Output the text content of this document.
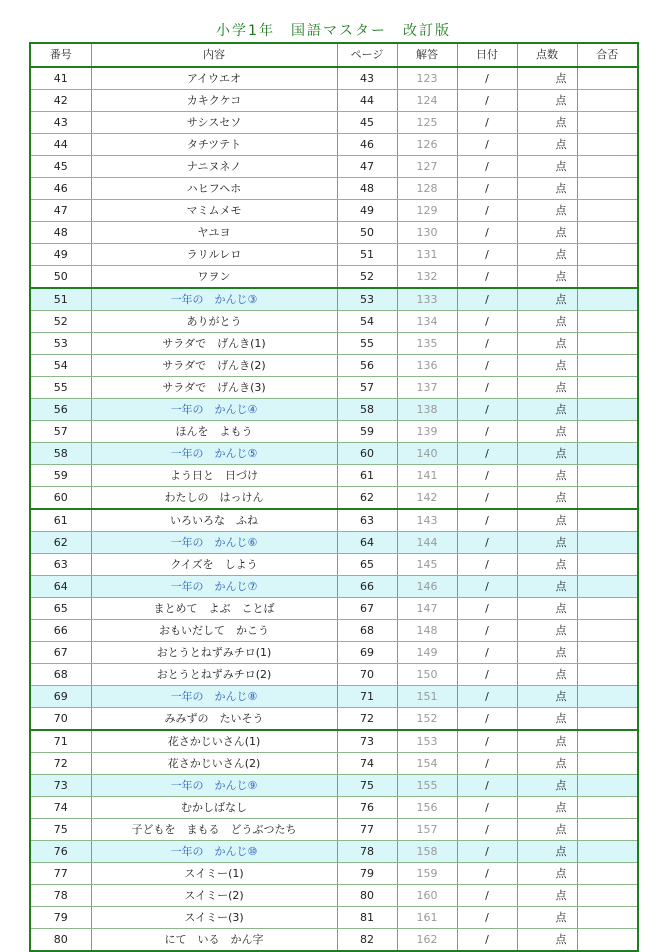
小学1年　国語マスター　改訂版
番号	内容	ページ	解答	日付	点数	合否
41	アイウエオ	43	123	/	点	
42	カキクケコ	44	124	/	点	
43	サシスセソ	45	125	/	点	
44	タチツテト	46	126	/	点	
45	ナニヌネノ	47	127	/	点	
46	ハヒフヘホ	48	128	/	点	
47	マミムメモ	49	129	/	点	
48	ヤユヨ	50	130	/	点	
49	ラリルレロ	51	131	/	点	
50	ワヲン	52	132	/	点	
51	一年の　かんじ③	53	133	/	点	
52	ありがとう	54	134	/	点	
53	サラダで　げんき(1)	55	135	/	点	
54	サラダで　げんき(2)	56	136	/	点	
55	サラダで　げんき(3)	57	137	/	点	
56	一年の　かんじ④	58	138	/	点	
57	ほんを　よもう	59	139	/	点	
58	一年の　かんじ⑤	60	140	/	点	
59	よう日と　日づけ	61	141	/	点	
60	わたしの　はっけん	62	142	/	点	
61	いろいろな　ふね	63	143	/	点	
62	一年の　かんじ⑥	64	144	/	点	
63	クイズを　しよう	65	145	/	点	
64	一年の　かんじ⑦	66	146	/	点	
65	まとめて　よぶ　ことば	67	147	/	点	
66	おもいだして　かこう	68	148	/	点	
67	おとうとねずみチロ(1)	69	149	/	点	
68	おとうとねずみチロ(2)	70	150	/	点	
69	一年の　かんじ⑧	71	151	/	点	
70	みみずの　たいそう	72	152	/	点	
71	花さかじいさん(1)	73	153	/	点	
72	花さかじいさん(2)	74	154	/	点	
73	一年の　かんじ⑨	75	155	/	点	
74	むかしばなし	76	156	/	点	
75	子どもを　まもる　どうぶつたち	77	157	/	点	
76	一年の　かんじ⑩	78	158	/	点	
77	スイミー(1)	79	159	/	点	
78	スイミー(2)	80	160	/	点	
79	スイミー(3)	81	161	/	点	
80	にて　いる　かん字	82	162	/	点	
